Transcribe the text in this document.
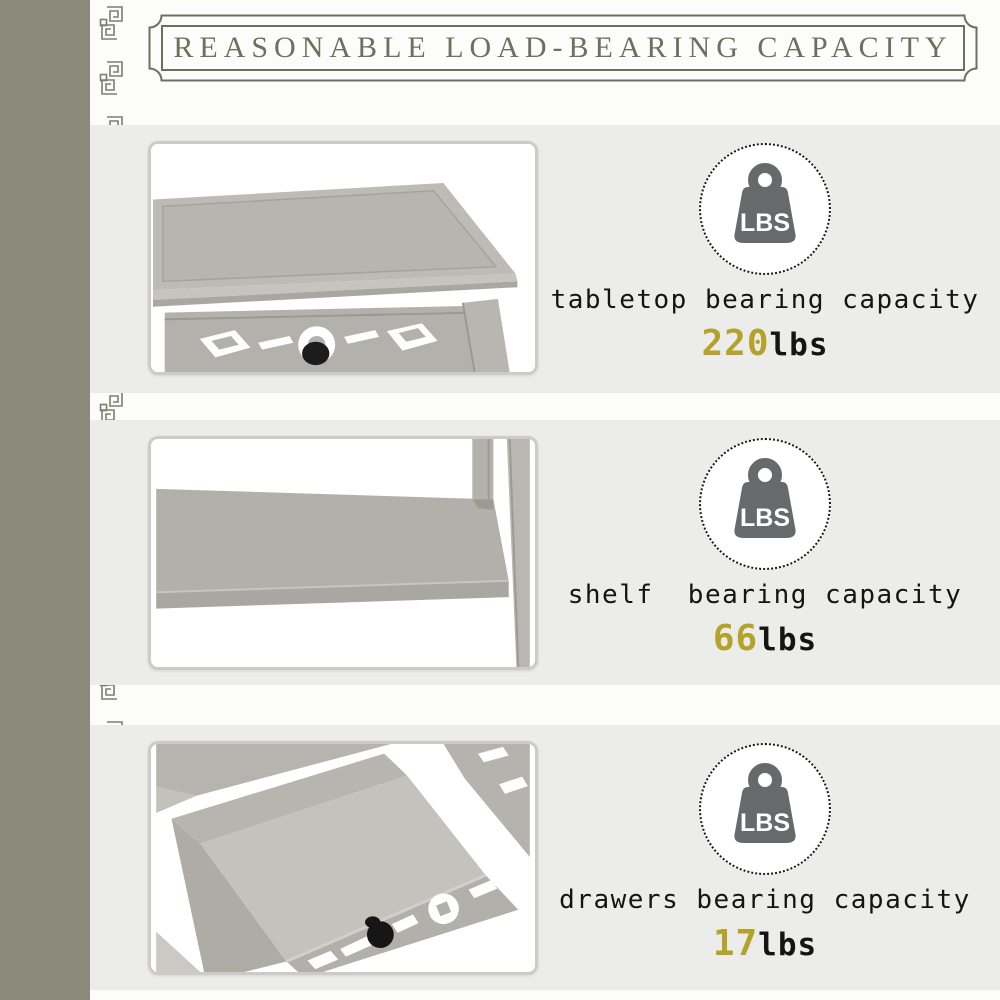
REASONABLE LOAD-BEARING CAPACITY
LBS
tabletop bearing capacity
220lbs
LBS
shelf  bearing capacity
66lbs
LBS
drawers bearing capacity
17lbs
